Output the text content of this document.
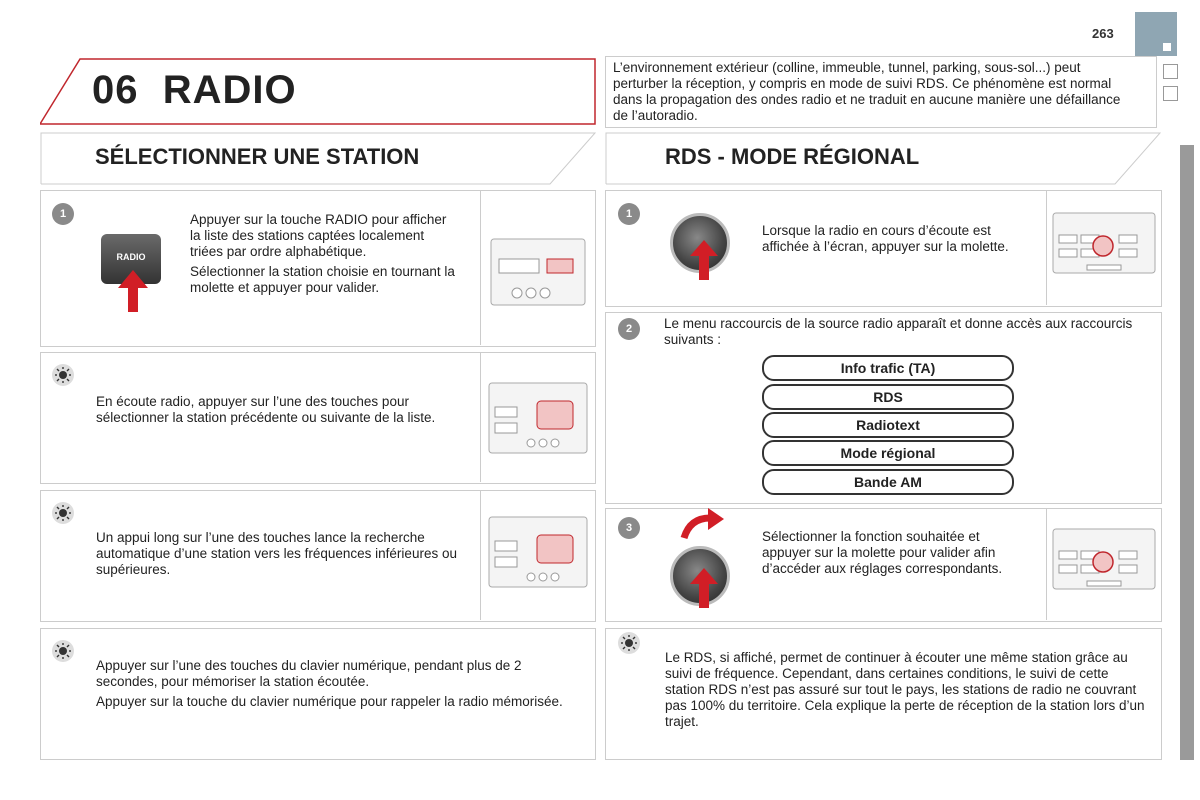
263
06 RADIO
L’environnement extérieur (colline, immeuble, tunnel, parking, sous-sol...) peut perturber la réception, y compris en mode de suivi RDS. Ce phénomène est normal dans la propagation des ondes radio et ne traduit en aucune manière une défaillance de l’autoradio.
SÉLECTIONNER UNE STATION	RDS - MODE RÉGIONAL
1
RADIO

Appuyer sur la touche RADIO pour afficher la liste des stations captées localement triées par ordre alphabétique.

Sélectionner la station choisie en tournant la molette et appuyer pour valider.

En écoute radio, appuyer sur l’une des touches pour sélectionner la station précédente ou suivante de la liste.
Un appui long sur l’une des touches lance la recherche automatique d’une station vers les fréquences inférieures ou supérieures.

Appuyer sur l’une des touches du clavier numérique, pendant plus de 2 secondes, pour mémoriser la station écoutée.

Appuyer sur la touche du clavier numérique pour rappeler la radio mémorisée.

1
Lorsque la radio en cours d’écoute est affichée à l’écran, appuyer sur la molette.
2	Le menu raccourcis de la source radio apparaît et donne accès aux raccourcis suivants :
Info trafic (TA)
RDS
Radiotext
Mode régional
Bande AM
3
Sélectionner la fonction souhaitée et appuyer sur la molette pour valider afin d’accéder aux réglages correspondants.
Le RDS, si affiché, permet de continuer à écouter une même station grâce au suivi de fréquence. Cependant, dans certaines conditions, le suivi de cette station RDS n’est pas assuré sur tout le pays, les stations de radio ne couvrant pas 100% du territoire. Cela explique la perte de réception de la station lors d’un trajet.
